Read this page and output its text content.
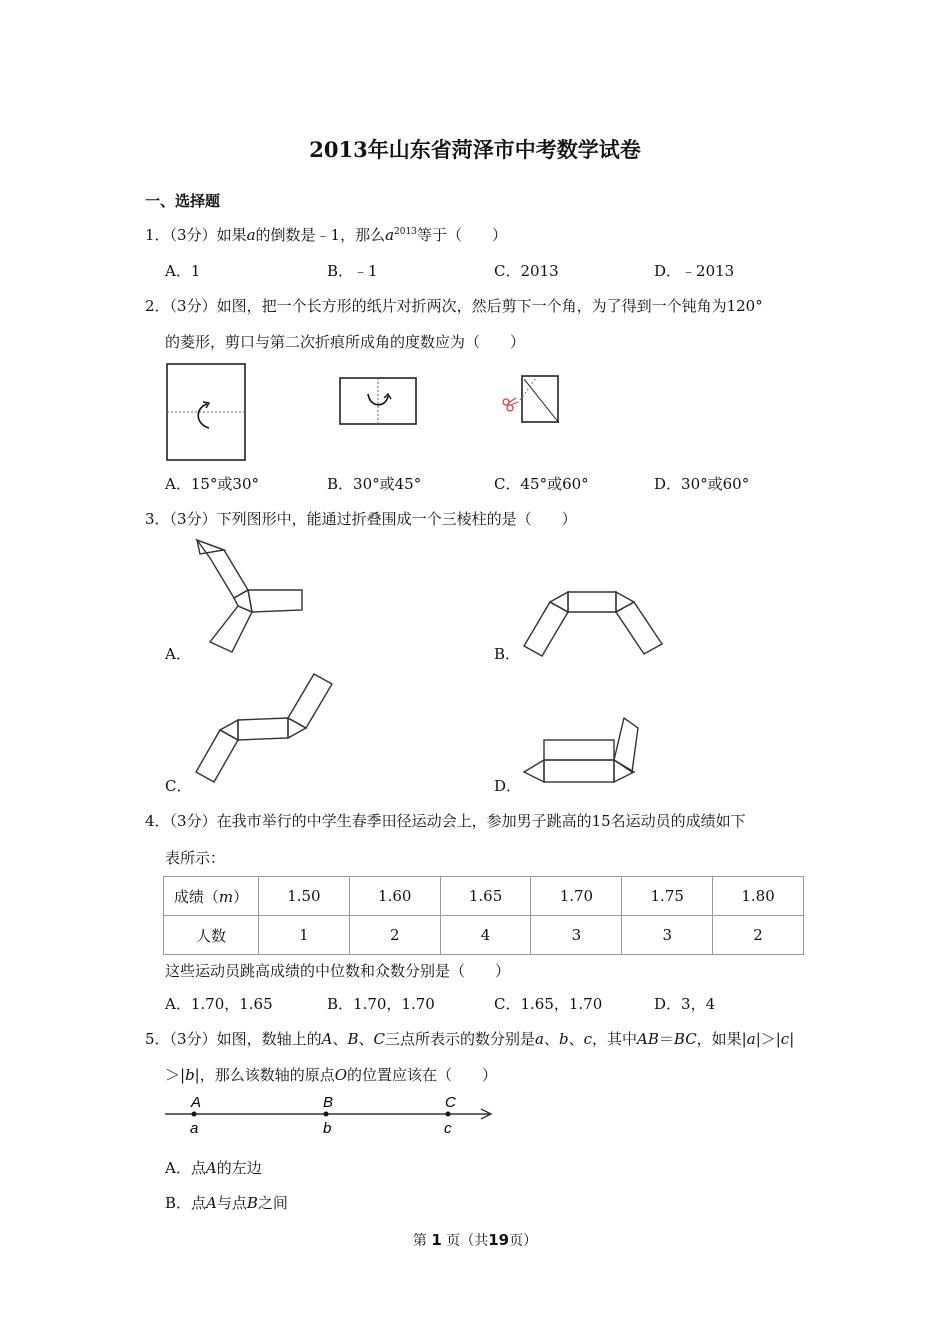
2013年山东省菏泽市中考数学试卷
一、选择题
1．（3分）如果a的倒数是﹣1，那么$a^{2013}$等于（　　）
A．1	B．﹣1	C．2013	D．﹣2013
2．（3分）如图，把一个长方形的纸片对折两次，然后剪下一个角，为了得到一个钝角为120°
的菱形，剪口与第二次折痕所成角的度数应为（　　）
A．15°或30°	B．30°或45°	C．45°或60°	D．30°或60°
3．（3分）下列图形中，能通过折叠围成一个三棱柱的是（　　）
A．	B．
C．	D．
4．（3分）在我市举行的中学生春季田径运动会上，参加男子跳高的15名运动员的成绩如下
表所示：
成绩（m）	1.50	1.60	1.65	1.70	1.75	1.80
人数	1	2	4	3	3	2
这些运动员跳高成绩的中位数和众数分别是（　　）
A．1.70，1.65	B．1.70，1.70	C．1.65，1.70	D．3，4
5．（3分）如图，数轴上的A、B、C三点所表示的数分别是a、b、c，其中AB＝BC，如果|a|＞|c|
＞|b|，那么该数轴的原点O的位置应该在（　　）
A	B	C
a	b	c
A．点A的左边
B．点A与点B之间
第 1 页（共19页）
